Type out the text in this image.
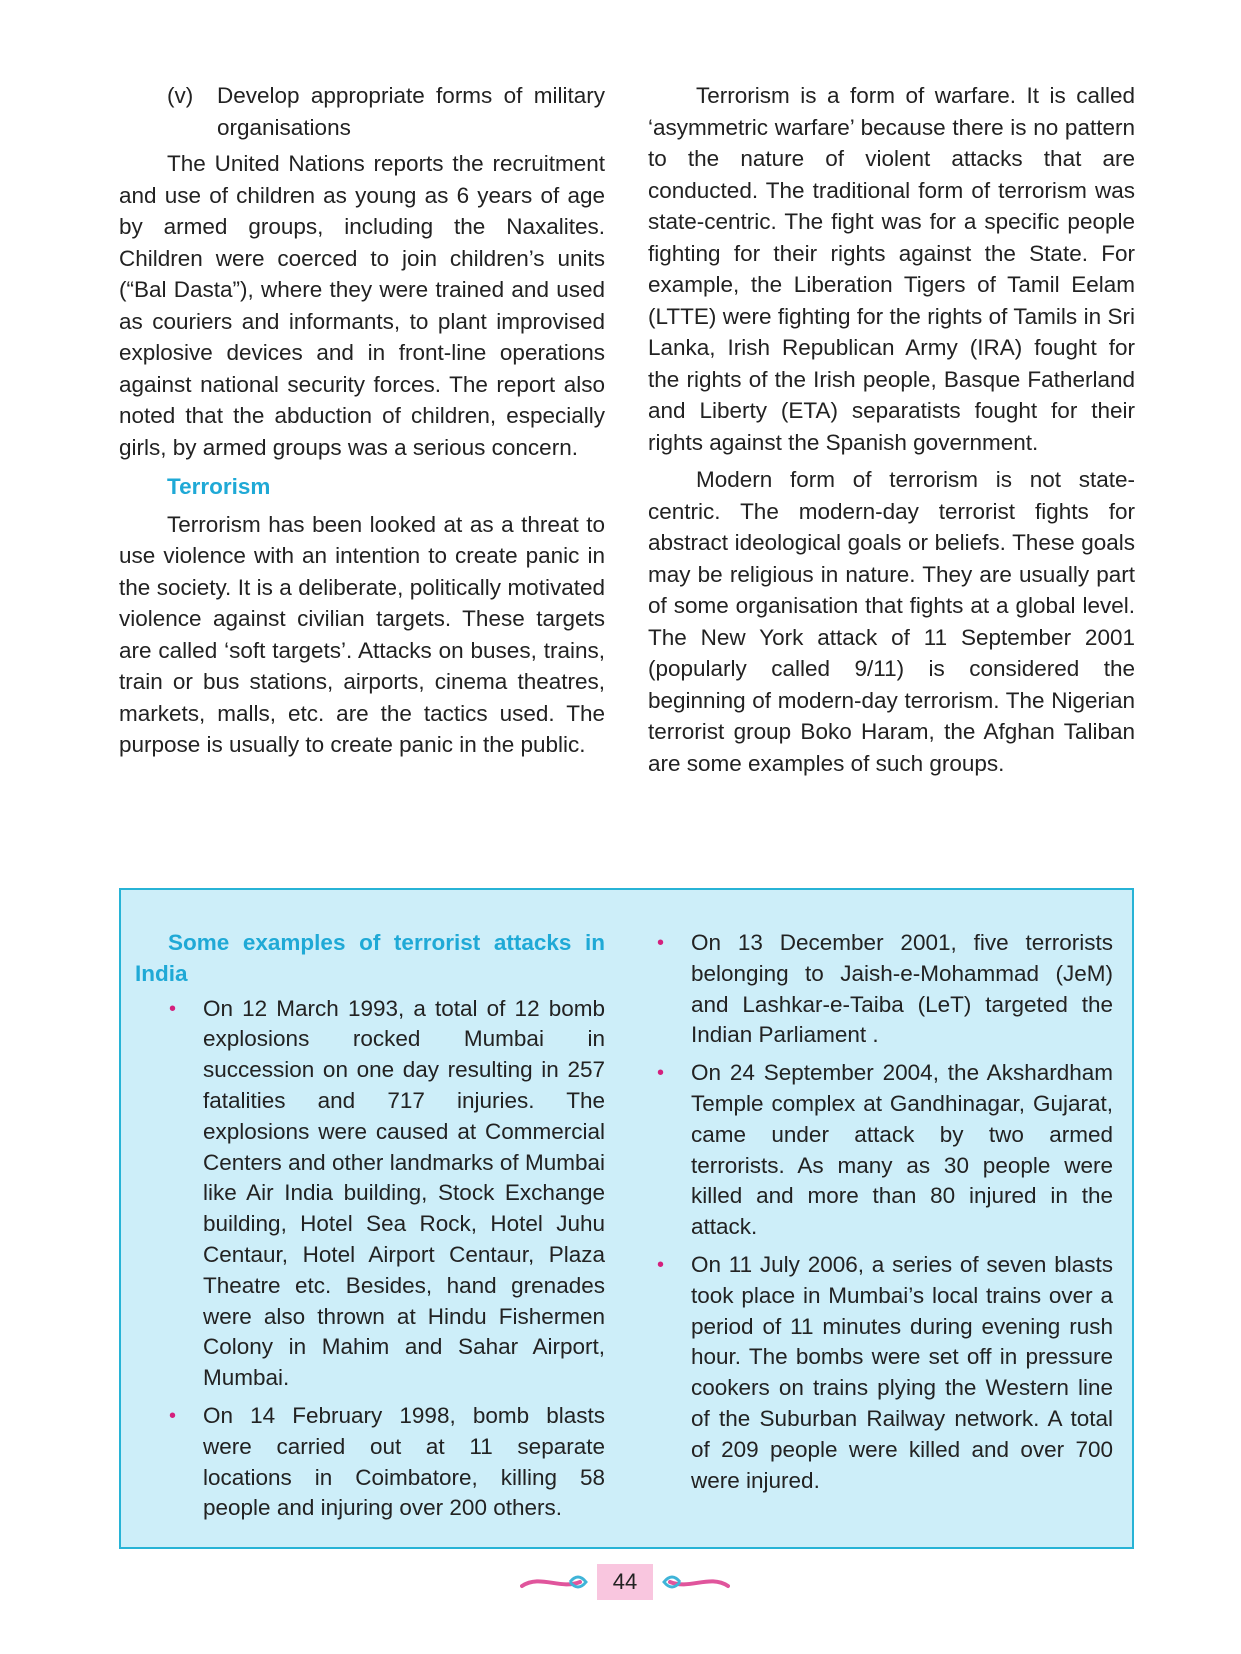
(v)	Develop appropriate forms of military organisations

The United Nations reports the recruitment and use of children as young as 6 years of age by armed groups, including the Naxalites. Children were coerced to join children’s units (“Bal Dasta”), where they were trained and used as couriers and informants, to plant improvised explosive devices and in front-line operations against national security forces. The report also noted that the abduction of children, especially girls, by armed groups was a serious concern.

Terrorism

Terrorism has been looked at as a threat to use violence with an intention to create panic in the society. It is a deliberate, politically motivated violence against civilian targets. These targets are called ‘soft targets’. Attacks on buses, trains, train or bus stations, airports, cinema theatres, markets, malls, etc. are the tactics used. The purpose is usually to create panic in the public.

Terrorism is a form of warfare. It is called ‘asymmetric warfare’ because there is no pattern to the nature of violent attacks that are conducted. The traditional form of terrorism was state-centric. The fight was for a specific people fighting for their rights against the State. For example, the Liberation Tigers of Tamil Eelam (LTTE) were fighting for the rights of Tamils in Sri Lanka, Irish Republican Army (IRA) fought for the rights of the Irish people, Basque Fatherland and Liberty (ETA) separatists fought for their rights against the Spanish government.

Modern form of terrorism is not state-centric. The modern-day terrorist fights for abstract ideological goals or beliefs. These goals may be religious in nature. They are usually part of some organisation that fights at a global level. The New York attack of 11 September 2001 (popularly called 9/11) is considered the beginning of modern-day terrorism. The Nigerian terrorist group Boko Haram, the Afghan Taliban are some examples of such groups.

Some examples of terrorist attacks in India
•	On 12 March 1993, a total of 12 bomb explosions rocked Mumbai in succession on one day resulting in 257 fatalities and 717 injuries. The explosions were caused at Commercial Centers and other landmarks of Mumbai like Air India building, Stock Exchange building, Hotel Sea Rock, Hotel Juhu Centaur, Hotel Airport Centaur, Plaza Theatre etc. Besides, hand grenades were also thrown at Hindu Fishermen Colony in Mahim and Sahar Airport, Mumbai.
•	On 14 February 1998, bomb blasts were carried out at 11 separate locations in Coimbatore, killing 58 people and injuring over 200 others.
•	On 13 December 2001, five terrorists belonging to Jaish-e-Mohammad (JeM) and Lashkar-e-Taiba (LeT) targeted the Indian Parliament .
•	On 24 September 2004, the Akshardham Temple complex at Gandhinagar, Gujarat, came under attack by two armed terrorists. As many as 30 people were killed and more than 80 injured in the attack.
•	On 11 July 2006, a series of seven blasts took place in Mumbai’s local trains over a period of 11 minutes during evening rush hour. The bombs were set off in pressure cookers on trains plying the Western line of the Suburban Railway network. A total of 209 people were killed and over 700 were injured.
44
